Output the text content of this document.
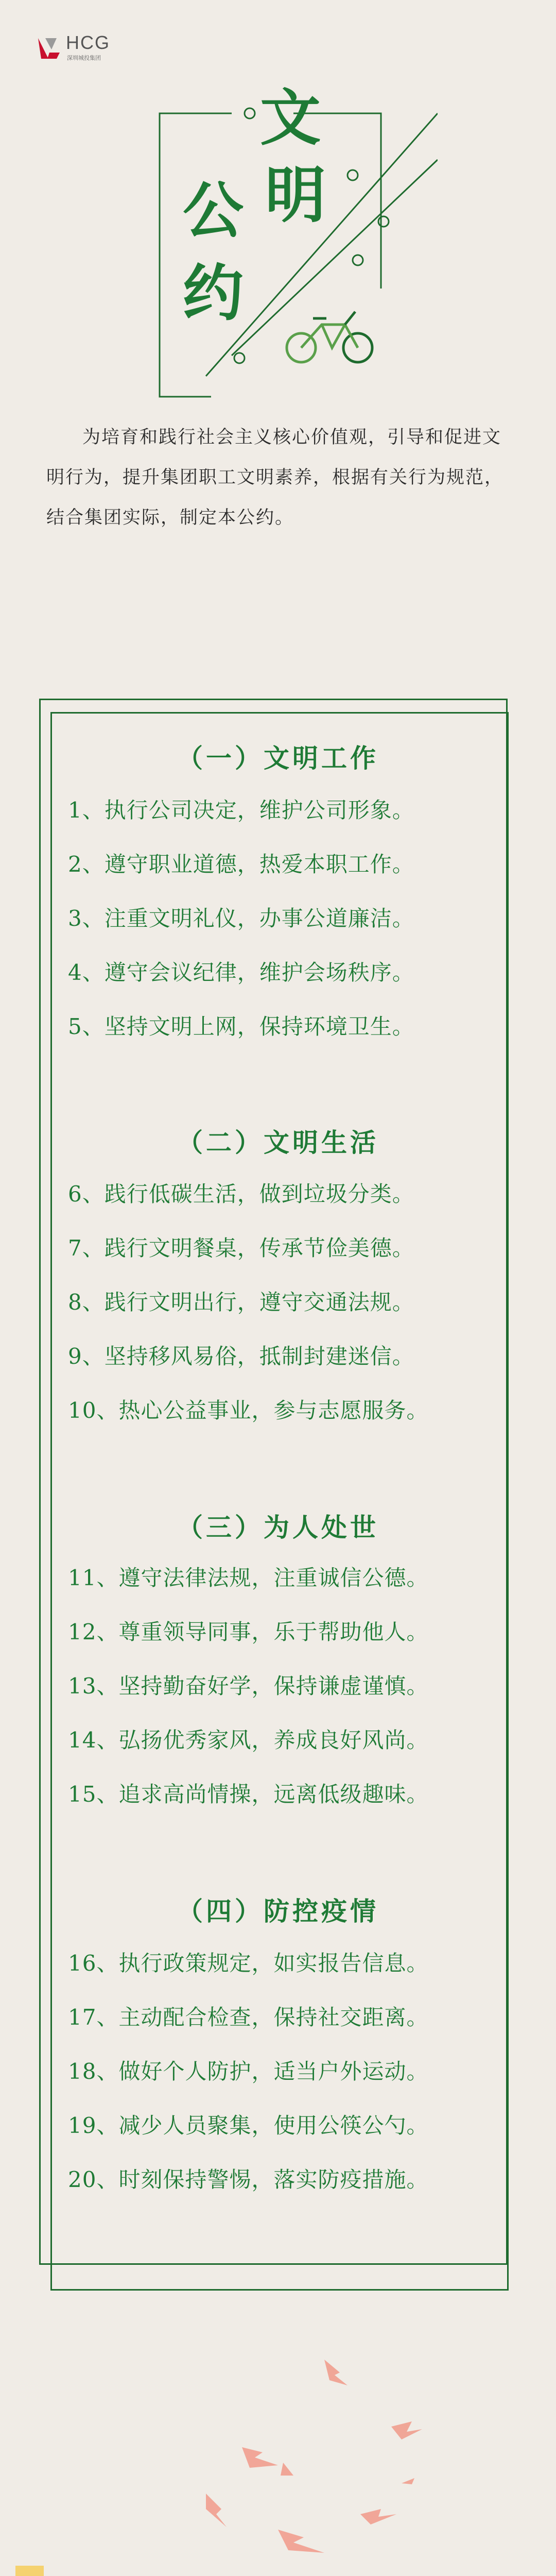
HCG
深圳城投集团
文
明
公
约
为培育和践行社会主义核心价值观，引导和促进文明行为，提升集团职工文明素养，根据有关行为规范，结合集团实际，制定本公约。
（一）文明工作
1、执行公司决定，维护公司形象。
2、遵守职业道德，热爱本职工作。
3、注重文明礼仪，办事公道廉洁。
4、遵守会议纪律，维护会场秩序。
5、坚持文明上网，保持环境卫生。
（二）文明生活
6、践行低碳生活，做到垃圾分类。
7、践行文明餐桌，传承节俭美德。
8、践行文明出行，遵守交通法规。
9、坚持移风易俗，抵制封建迷信。
10、热心公益事业，参与志愿服务。
（三）为人处世
11、遵守法律法规，注重诚信公德。
12、尊重领导同事，乐于帮助他人。
13、坚持勤奋好学，保持谦虚谨慎。
14、弘扬优秀家风，养成良好风尚。
15、追求高尚情操，远离低级趣味。
（四）防控疫情
16、执行政策规定，如实报告信息。
17、主动配合检查，保持社交距离。
18、做好个人防护，适当户外运动。
19、减少人员聚集，使用公筷公勺。
20、时刻保持警惕，落实防疫措施。
